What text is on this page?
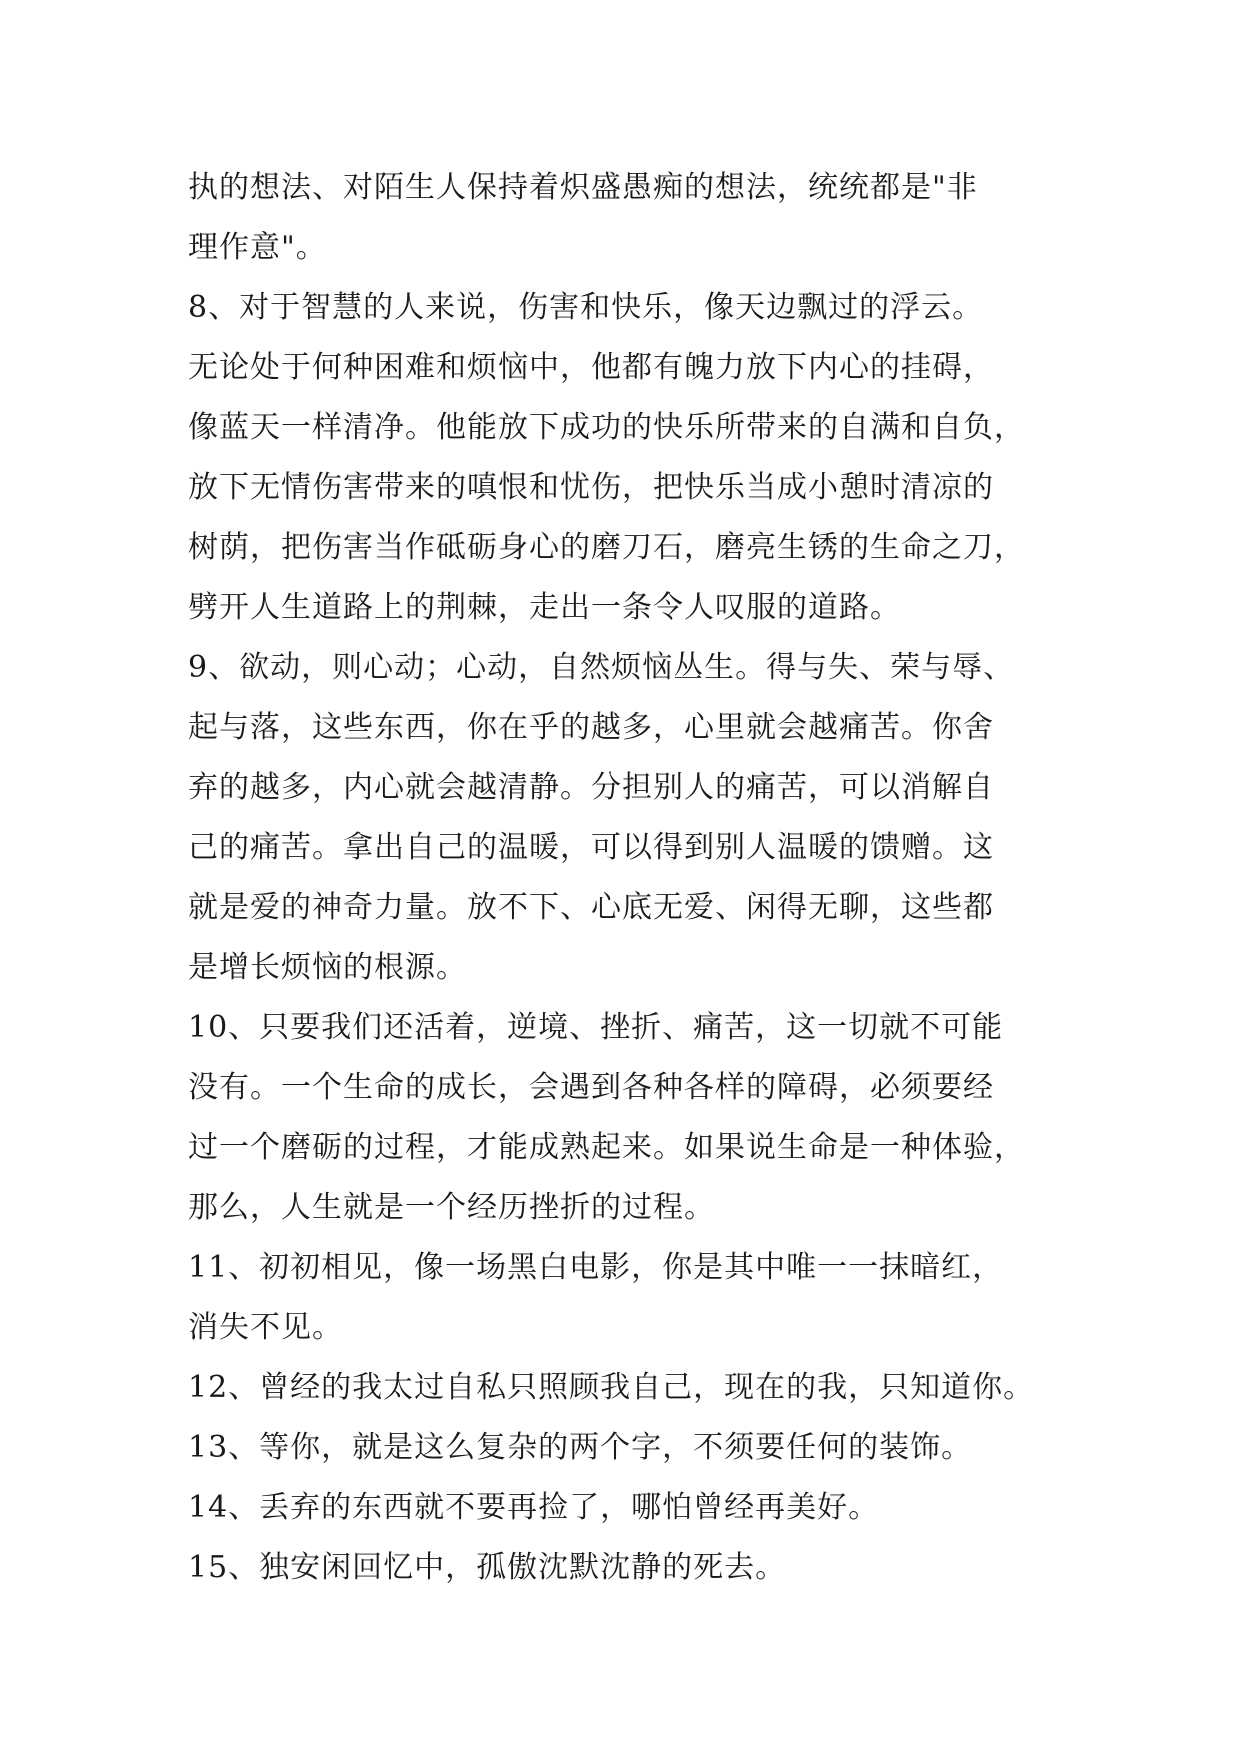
执的想法、对陌生人保持着炽盛愚痴的想法，统统都是"非
理作意"。
8、对于智慧的人来说，伤害和快乐，像天边飘过的浮云。
无论处于何种困难和烦恼中，他都有魄力放下内心的挂碍，
像蓝天一样清净。他能放下成功的快乐所带来的自满和自负，
放下无情伤害带来的嗔恨和忧伤，把快乐当成小憩时清凉的
树荫，把伤害当作砥砺身心的磨刀石，磨亮生锈的生命之刀，
劈开人生道路上的荆棘，走出一条令人叹服的道路。
9、欲动，则心动；心动，自然烦恼丛生。得与失、荣与辱、
起与落，这些东西，你在乎的越多，心里就会越痛苦。你舍
弃的越多，内心就会越清静。分担别人的痛苦，可以消解自
己的痛苦。拿出自己的温暖，可以得到别人温暖的馈赠。这
就是爱的神奇力量。放不下、心底无爱、闲得无聊，这些都
是增长烦恼的根源。
10、只要我们还活着，逆境、挫折、痛苦，这一切就不可能
没有。一个生命的成长，会遇到各种各样的障碍，必须要经
过一个磨砺的过程，才能成熟起来。如果说生命是一种体验，
那么，人生就是一个经历挫折的过程。
11、初初相见，像一场黑白电影，你是其中唯一一抹暗红，
消失不见。
12、曾经的我太过自私只照顾我自己，现在的我，只知道你。
13、等你，就是这么复杂的两个字，不须要任何的装饰。
14、丢弃的东西就不要再捡了，哪怕曾经再美好。
15、独安闲回忆中，孤傲沈默沈静的死去。
